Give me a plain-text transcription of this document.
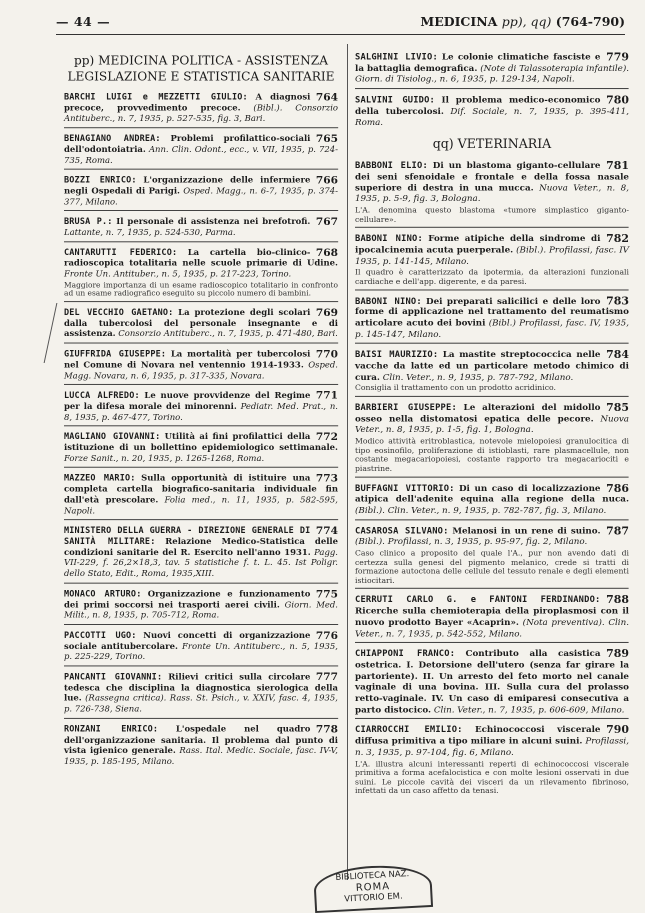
— 44 —	MEDICINA pp), qq) (764-790)
pp) MEDICINA POLITICA - ASSISTENZA LEGISLAZIONE E STATISTICA SANITARIE
764
BARCHI LUIGI e MEZZETTI GIULIO: A diagnosi precoce, provvedimento precoce. (Bibl.). Consorzio Antituberc., n. 7, 1935, p. 527-535, fig. 3, Bari.
765
BENAGIANO ANDREA: Problemi profilattico-sociali dell'odontoiatria. Ann. Clin. Odont., ecc., v. VII, 1935, p. 724-735, Roma.
766
BOZZI ENRICO: L'organizzazione delle infermiere negli Ospedali di Parigi. Osped. Magg., n. 6-7, 1935, p. 374-377, Milano.
767
BRUSA P.: Il personale di assistenza nei brefotrofi. Lattante, n. 7, 1935, p. 524-530, Parma.
768
CANTARUTTI FEDERICO: La cartella bio-clinico-radioscopica totalitaria nelle scuole primarie di Udine. Fronte Un. Antituber., n. 5, 1935, p. 217-223, Torino.
Maggiore importanza di un esame radioscopico totalitario in confronto ad un esame radiografico eseguito su piccolo numero di bambini.
769
DEL VECCHIO GAETANO: La protezione degli scolari dalla tubercolosi del personale insegnante e di assistenza. Consorzio Antituberc., n. 7, 1935, p. 471-480, Bari.
770
GIUFFRIDA GIUSEPPE: La mortalità per tubercolosi nel Comune di Novara nel ventennio 1914-1933. Osped. Magg. Novara, n. 6, 1935, p. 317-335, Novara.
771
LUCCA ALFREDO: Le nuove provvidenze del Regime per la difesa morale dei minorenni. Pediatr. Med. Prat., n. 8, 1935, p. 467-477, Torino.
772
MAGLIANO GIOVANNI: Utilità ai fini profilattici della istituzione di un bollettino epidemiologico settimanale. Forze Sanit., n. 20, 1935, p. 1265-1268, Roma.
773
MAZZEO MARIO: Sulla opportunità di istituire una completa cartella biografico-sanitaria individuale fin dall'età prescolare. Folia med., n. 11, 1935, p. 582-595, Napoli.
774
MINISTERO DELLA GUERRA - DIREZIONE GENERALE DI SANITÀ MILITARE: Relazione Medico-Statistica delle condizioni sanitarie del R. Esercito nell'anno 1931. Pagg. VII-229, f. 26,2×18,3, tav. 5 statistiche f. t. L. 45. Ist Poligr. dello Stato, Edit., Roma, 1935,XIII.
775
MONACO ARTURO: Organizzazione e funzionamento dei primi soccorsi nei trasporti aerei civili. Giorn. Med. Milit., n. 8, 1935, p. 705-712, Roma.
776
PACCOTTI UGO: Nuovi concetti di organizzazione sociale antitubercolare. Fronte Un. Antituberc., n. 5, 1935, p. 225-229, Torino.
777
PANCANTI GIOVANNI: Rilievi critici sulla circolare tedesca che disciplina la diagnostica sierologica della lue. (Rassegna critica). Rass. St. Psich., v. XXIV, fasc. 4, 1935, p. 726-738, Siena.
778
RONZANI ENRICO: L'ospedale nel quadro dell'organizzazione sanitaria. Il problema dal punto di vista igienico generale. Rass. Ital. Medic. Sociale, fasc. IV-V, 1935, p. 185-195, Milano.
779
SALGHINI LIVIO: Le colonie climatiche fasciste e la battaglia demografica. (Note di Talassoterapia infantile). Giorn. di Tisiolog., n. 6, 1935, p. 129-134, Napoli.
780
SALVINI GUIDO: Il problema medico-economico della tubercolosi. Dif. Sociale, n. 7, 1935, p. 395-411, Roma.
qq) VETERINARIA
781
BABBONI ELIO: Di un blastoma giganto-cellulare dei seni sfenoidale e frontale e della fossa nasale superiore di destra in una mucca. Nuova Veter., n. 8, 1935, p. 5-9, fig. 3, Bologna.
L'A. denomina questo blastoma «tumore simplastico giganto-cellulare».
782
BABONI NINO: Forme atipiche della sindrome di ipocalcinemia acuta puerperale. (Bibl.). Profilassi, fasc. IV 1935, p. 141-145, Milano.
Il quadro è caratterizzato da ipotermia, da alterazioni funzionali cardiache e dell'app. digerente, e da paresi.
783
BABONI NINO: Dei preparati salicilici e delle loro forme di applicazione nel trattamento del reumatismo articolare acuto dei bovini (Bibl.) Profilassi, fasc. IV, 1935, p. 145-147, Milano.
784
BAISI MAURIZIO: La mastite streptococcica nelle vacche da latte ed un particolare metodo chimico di cura. Clin. Veter., n. 9, 1935, p. 787-792, Milano.
Consiglia il trattamento con un prodotto acridinico.
785
BARBIERI GIUSEPPE: Le alterazioni del midollo osseo nella distomatosi epatica delle pecore. Nuova Veter., n. 8, 1935, p. 1-5, fig. 1, Bologna.
Modico attività eritroblastica, notevole mielopoiesi granulocitica di tipo eosinofilo, proliferazione di istioblasti, rare plasmacellule, non costante megacariopoiesi, costante rapporto tra megacariociti e piastrine.
786
BUFFAGNI VITTORIO: Di un caso di localizzazione atipica dell'adenite equina alla regione della nuca. (Bibl.). Clin. Veter., n. 9, 1935, p. 782-787, fig. 3, Milano.
787
CASAROSA SILVANO: Melanosi in un rene di suino. (Bibl.). Profilassi, n. 3, 1935, p. 95-97, fig. 2, Milano.
Caso clinico a proposito del quale l'A., pur non avendo dati di certezza sulla genesi del pigmento melanico, crede si tratti di formazione autoctona delle cellule del tessuto renale e degli elementi istiocitari.
788
CERRUTI CARLO G. e FANTONI FERDINANDO: Ricerche sulla chemioterapia della piroplasmosi con il nuovo prodotto Bayer «Acaprin». (Nota preventiva). Clin. Veter., n. 7, 1935, p. 542-552, Milano.
789
CHIAPPONI FRANCO: Contributo alla casistica ostetrica. I. Detorsione dell'utero (senza far girare la partoriente). II. Un arresto del feto morto nel canale vaginale di una bovina. III. Sulla cura del prolasso retto-vaginale. IV. Un caso di emiparesi consecutiva a parto distocico. Clin. Veter., n. 7, 1935, p. 606-609, Milano.
790
CIARROCCHI EMILIO: Echinococcosi viscerale diffusa primitiva a tipo miliare in alcuni suini. Profilassi, n. 3, 1935, p. 97-104, fig. 6, Milano.
L'A. illustra alcuni interessanti reperti di echinococcosi viscerale primitiva a forma acefalocistica e con molte lesioni osservati in due suini. Le piccole cavità dei visceri da un rilevamento fibrinoso, infettati da un caso affetto da tenasi.
BIBLIOTECA NAZ.
ROMA
VITTORIO EM.
